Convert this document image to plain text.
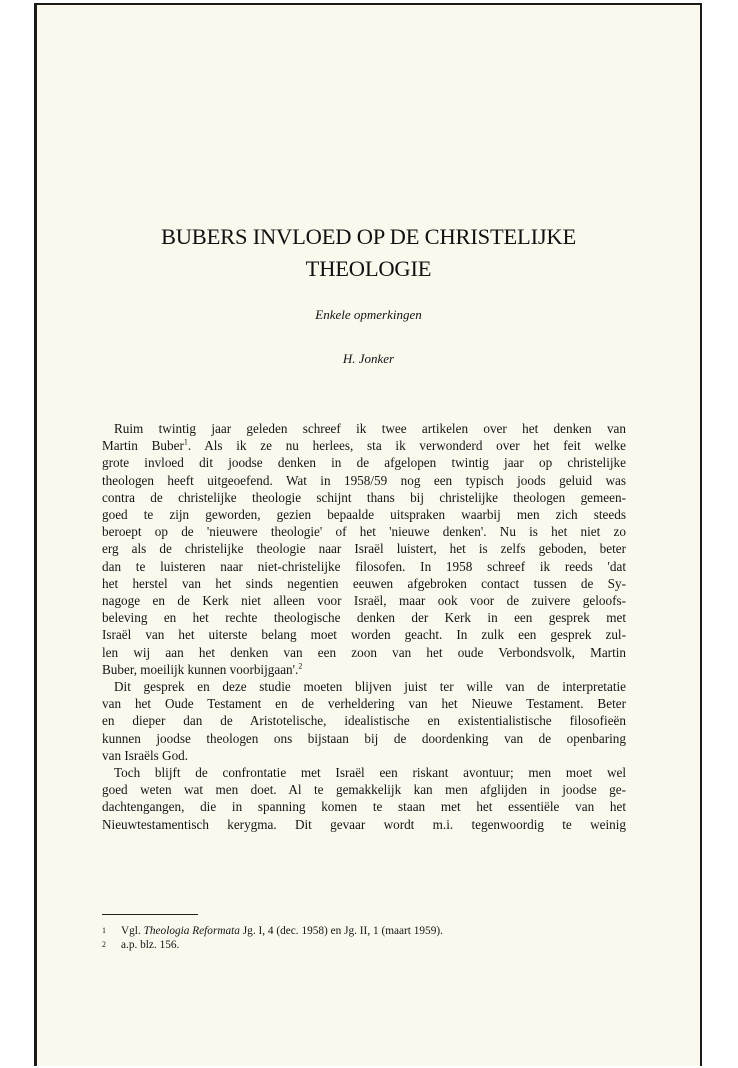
BUBERS INVLOED OP DE CHRISTELIJKE
THEOLOGIE
Enkele opmerkingen
H. Jonker
Ruim twintig jaar geleden schreef ik twee artikelen over het denken van
Martin Buber$^1$. Als ik ze nu herlees, sta ik verwonderd over het feit welke
grote invloed dit joodse denken in de afgelopen twintig jaar op christelijke
theologen heeft uitgeoefend. Wat in 1958/59 nog een typisch joods geluid was
contra de christelijke theologie schijnt thans bij christelijke theologen gemeen-
goed te zijn geworden, gezien bepaalde uitspraken waarbij men zich steeds
beroept op de 'nieuwere theologie' of het 'nieuwe denken'. Nu is het niet zo
erg als de christelijke theologie naar Israël luistert, het is zelfs geboden, beter
dan te luisteren naar niet-christelijke filosofen. In 1958 schreef ik reeds 'dat
het herstel van het sinds negentien eeuwen afgebroken contact tussen de Sy-
nagoge en de Kerk niet alleen voor Israël, maar ook voor de zuivere geloofs-
beleving en het rechte theologische denken der Kerk in een gesprek met
Israël van het uiterste belang moet worden geacht. In zulk een gesprek zul-
len wij aan het denken van een zoon van het oude Verbondsvolk, Martin
Buber, moeilijk kunnen voorbijgaan'.$^2$
Dit gesprek en deze studie moeten blijven juist ter wille van de interpretatie
van het Oude Testament en de verheldering van het Nieuwe Testament. Beter
en dieper dan de Aristotelische, idealistische en existentialistische filosofieën
kunnen joodse theologen ons bijstaan bij de doordenking van de openbaring
van Israëls God.
Toch blijft de confrontatie met Israël een riskant avontuur; men moet wel
goed weten wat men doet. Al te gemakkelijk kan men afglijden in joodse ge-
dachtengangen, die in spanning komen te staan met het essentiële van het
Nieuwtestamentisch kerygma. Dit gevaar wordt m.i. tegenwoordig te weinig
1 Vgl. Theologia Reformata Jg. I, 4 (dec. 1958) en Jg. II, 1 (maart 1959).
2 a.p. blz. 156.
